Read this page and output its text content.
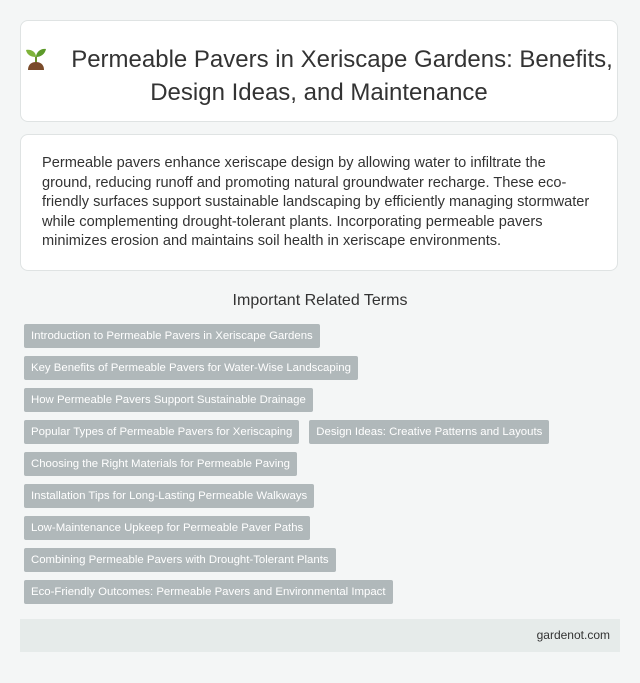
Permeable Pavers in Xeriscape Gardens: Benefits, Design Ideas, and Maintenance

Permeable pavers enhance xeriscape design by allowing water to infiltrate the ground, reducing runoff and promoting natural groundwater recharge. These eco-friendly surfaces support sustainable landscaping by efficiently managing stormwater while complementing drought-tolerant plants. Incorporating permeable pavers minimizes erosion and maintains soil health in xeriscape environments.

Important Related Terms
Introduction to Permeable Pavers in Xeriscape Gardens
Key Benefits of Permeable Pavers for Water-Wise Landscaping
How Permeable Pavers Support Sustainable Drainage
Popular Types of Permeable Pavers for Xeriscaping Design Ideas: Creative Patterns and Layouts
Choosing the Right Materials for Permeable Paving
Installation Tips for Long-Lasting Permeable Walkways
Low-Maintenance Upkeep for Permeable Paver Paths
Combining Permeable Pavers with Drought-Tolerant Plants
Eco-Friendly Outcomes: Permeable Pavers and Environmental Impact
gardenot.com
